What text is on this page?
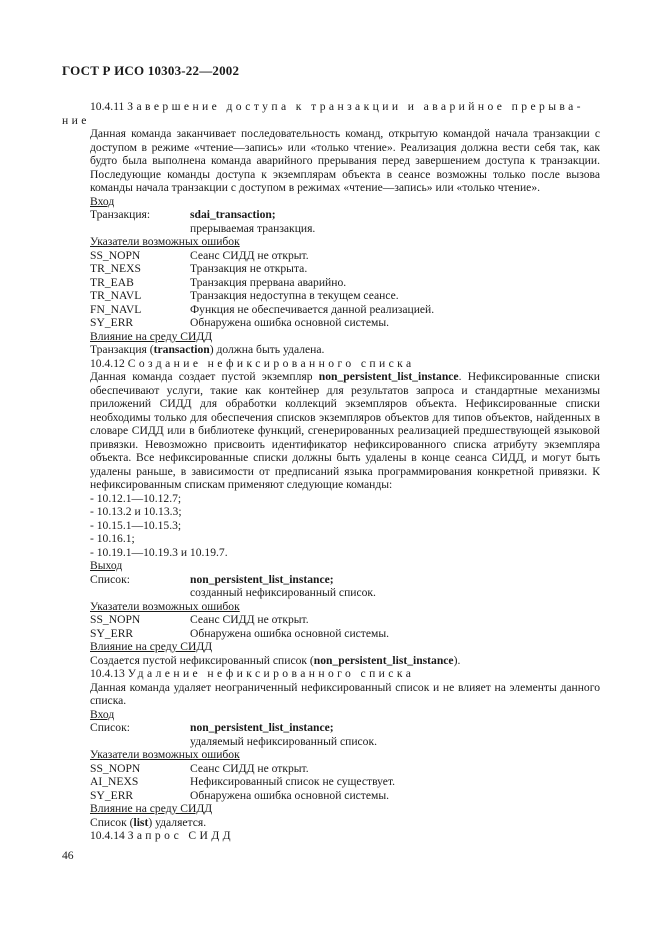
ГОСТ Р ИСО 10303-22—2002
10.4.11 Завершение доступа к транзакции и аварийное прерыва-
ние
Данная команда заканчивает последовательность команд, открытую командой начала транзакции с доступом в режиме «чтение—запись» или «только чтение». Реализация должна вести себя так, как будто была выполнена команда аварийного прерывания перед завершением доступа к транзакции. Последующие команды доступа к экземплярам объекта в сеансе возможны только после вызова команды начала транзакции с доступом в режимах «чтение—запись» или «только чтение».
Вход
Транзакция:	sdai_transaction;
прерываемая транзакция.
Указатели возможных ошибок
SS_NOPN	Сеанс СИДД не открыт.
TR_NEXS	Транзакция не открыта.
TR_EAB	Транзакция прервана аварийно.
TR_NAVL	Транзакция недоступна в текущем сеансе.
FN_NAVL	Функция не обеспечивается данной реализацией.
SY_ERR	Обнаружена ошибка основной системы.
Влияние на среду СИДД
Транзакция (transaction) должна быть удалена.
10.4.12 Создание нефиксированного списка
Данная команда создает пустой экземпляр non_persistent_list_instance. Нефиксированные списки обеспечивают услуги, такие как контейнер для результатов запроса и стандартные механизмы приложений СИДД для обработки коллекций экземпляров объекта. Нефиксированные списки необходимы только для обеспечения списков экземпляров объектов для типов объектов, найденных в словаре СИДД или в библиотеке функций, сгенерированных реализацией предшествующей языковой привязки. Невозможно присвоить идентификатор нефиксированного списка атрибуту экземпляра объекта. Все нефиксированные списки должны быть удалены в конце сеанса СИДД, и могут быть удалены раньше, в зависимости от предписаний языка программирования конкретной привязки. К нефиксированным спискам применяют следующие команды:
- 10.12.1—10.12.7;
- 10.13.2 и 10.13.3;
- 10.15.1—10.15.3;
- 10.16.1;
- 10.19.1—10.19.3 и 10.19.7.
Выход
Список:	non_persistent_list_instance;
созданный нефиксированный список.
Указатели возможных ошибок
SS_NOPN	Сеанс СИДД не открыт.
SY_ERR	Обнаружена ошибка основной системы.
Влияние на среду СИДД
Создается пустой нефиксированный список (non_persistent_list_instance).
10.4.13 Удаление нефиксированного списка
Данная команда удаляет неограниченный нефиксированный список и не влияет на элементы данного списка.
Вход
Список:	non_persistent_list_instance;
удаляемый нефиксированный список.
Указатели возможных ошибок
SS_NOPN	Сеанс СИДД не открыт.
AI_NEXS	Нефиксированный список не существует.
SY_ERR	Обнаружена ошибка основной системы.
Влияние на среду СИДД
Список (list) удаляется.
10.4.14 Запрос СИДД
46
